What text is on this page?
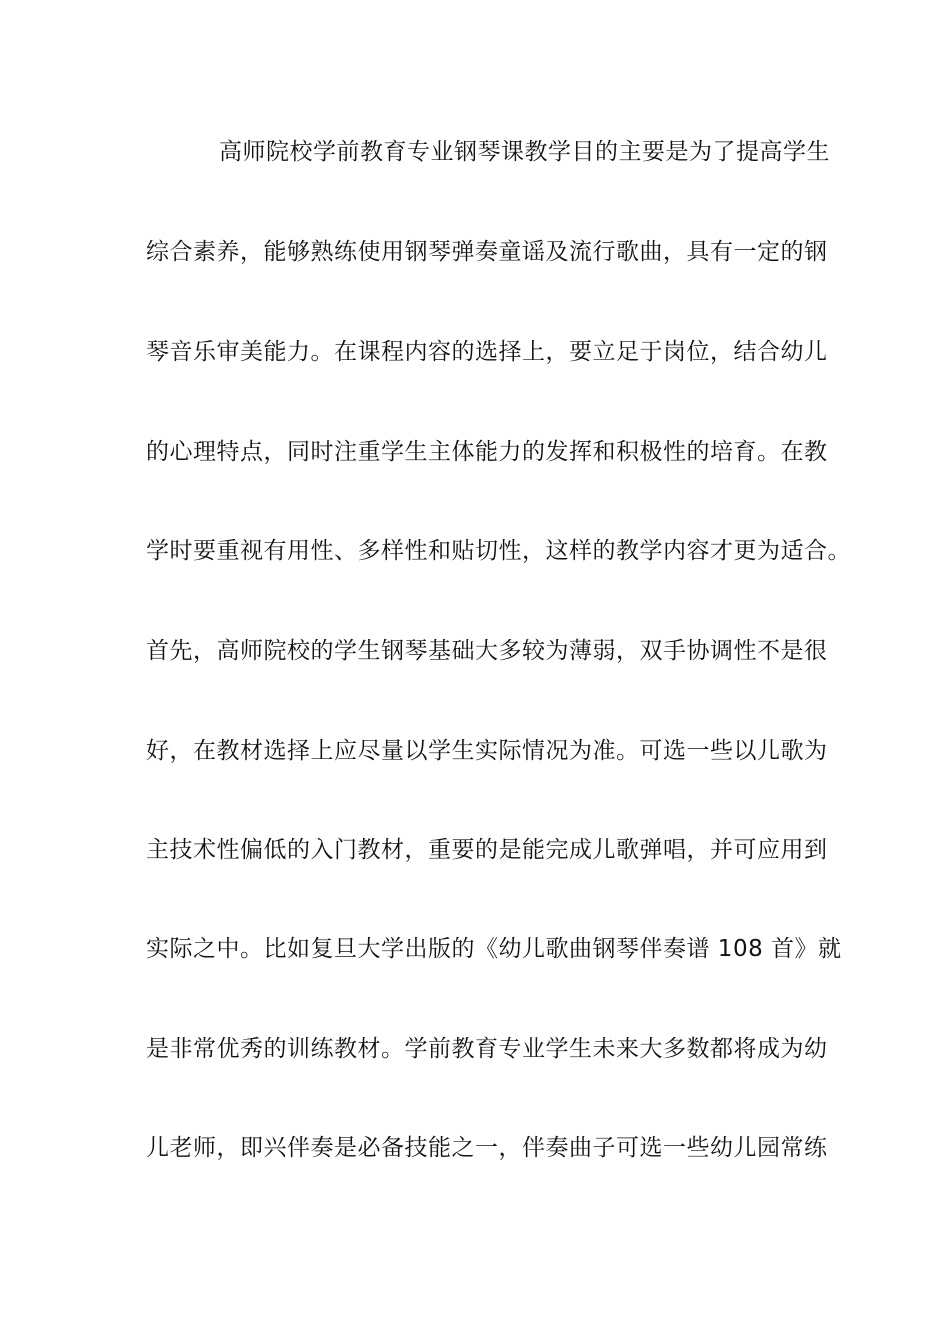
高师院校学前教育专业钢琴课教学目的主要是为了提高学生
综合素养，能够熟练使用钢琴弹奏童谣及流行歌曲，具有一定的钢
琴音乐审美能力。在课程内容的选择上，要立足于岗位，结合幼儿
的心理特点，同时注重学生主体能力的发挥和积极性的培育。在教
学时要重视有用性、多样性和贴切性，这样的教学内容才更为适合。
首先，高师院校的学生钢琴基础大多较为薄弱，双手协调性不是很
好，在教材选择上应尽量以学生实际情况为准。可选一些以儿歌为
主技术性偏低的入门教材，重要的是能完成儿歌弹唱，并可应用到
实际之中。比如复旦大学出版的《幼儿歌曲钢琴伴奏谱 108 首》就
是非常优秀的训练教材。学前教育专业学生未来大多数都将成为幼
儿老师，即兴伴奏是必备技能之一，伴奏曲子可选一些幼儿园常练
